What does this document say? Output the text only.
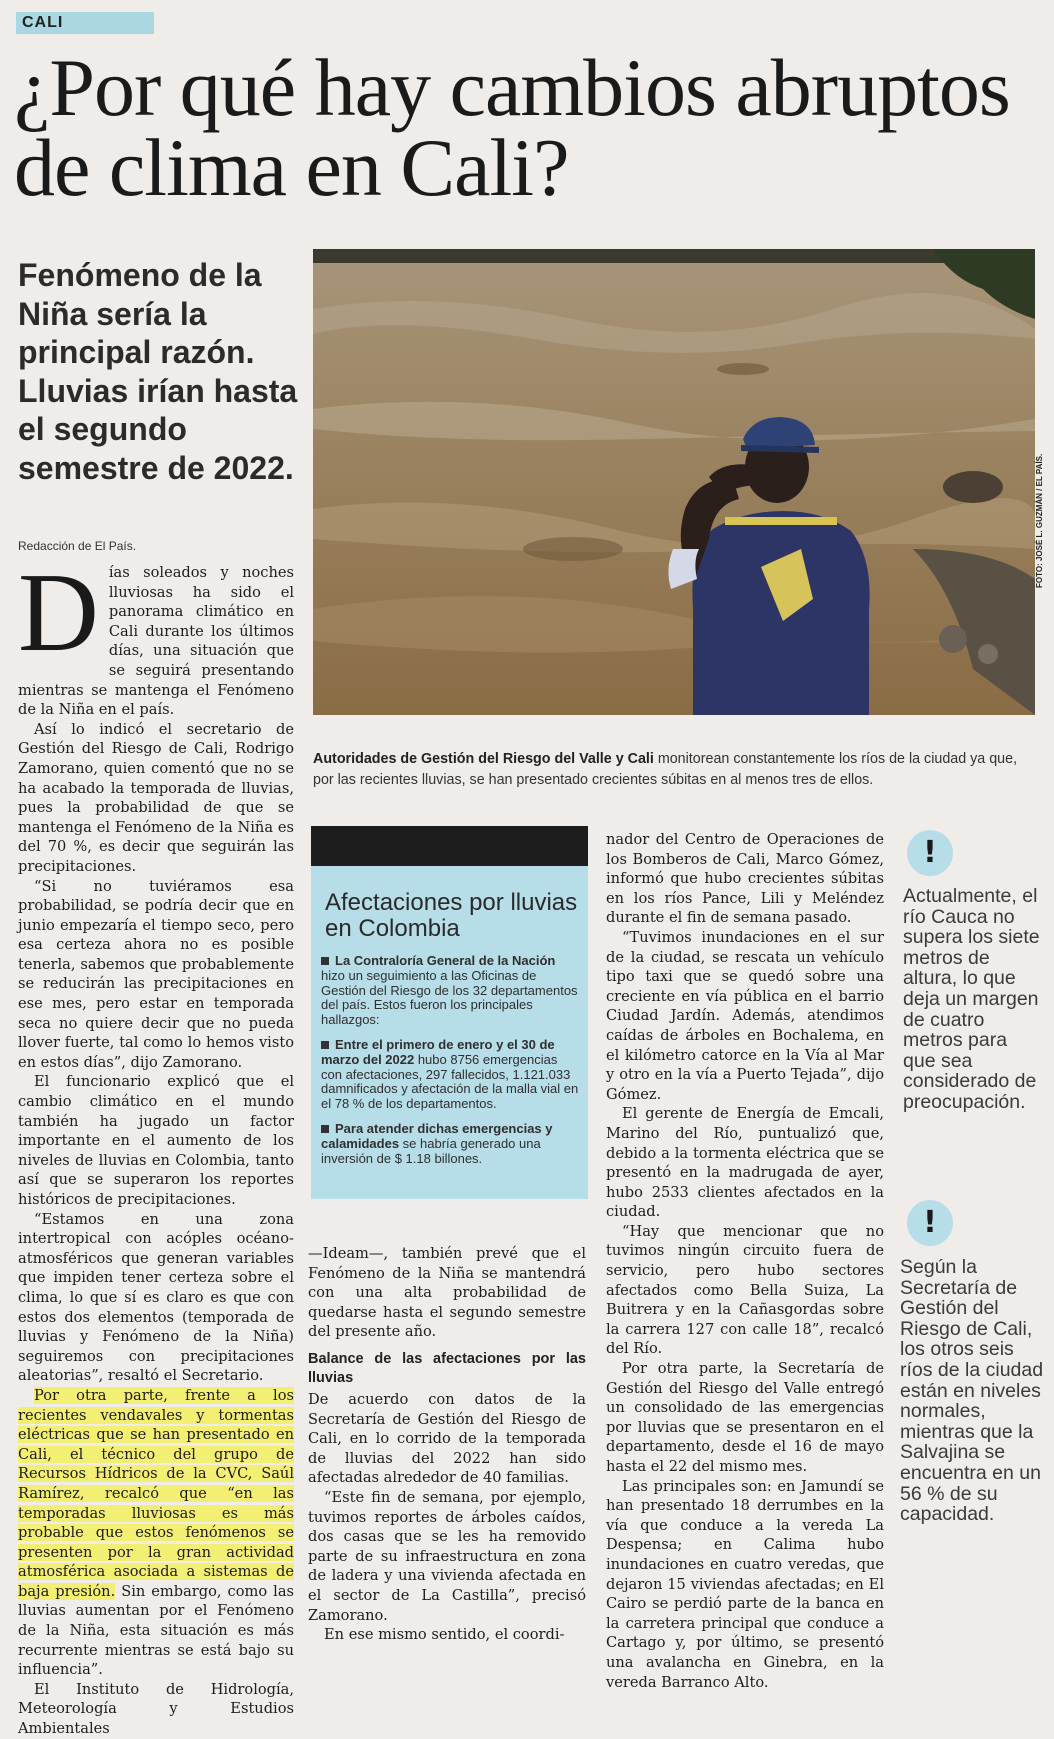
CALI
¿Por qué hay cambios abruptos de clima en Cali?
Fenómeno de la Niña sería la principal razón. Lluvias irían hasta el segundo semestre de 2022.
Redacción de El País.	FOTO: JOSÉ L. GUZMÁN / EL PAÍS.
Autoridades de Gestión del Riesgo del Valle y Cali monitorean constantemente los ríos de la ciudad ya que, por las recientes lluvias, se han presentado crecientes súbitas en al menos tres de ellos.
D ías soleados y noches lluviosas ha sido el panorama climático en Cali durante los últimos días, una situación que se seguirá presentando mientras se mantenga el Fenómeno de la Niña en el país.

Así lo indicó el secretario de Gestión del Riesgo de Cali, Rodrigo Zamorano, quien comentó que no se ha acabado la temporada de lluvias, pues la probabilidad de que se mantenga el Fenómeno de la Niña es del 70 %, es decir que seguirán las precipitaciones.

“Si no tuviéramos esa probabilidad, se podría decir que en junio empezaría el tiempo seco, pero esa certeza ahora no es posible tenerla, sabemos que probablemente se reducirán las precipitaciones en ese mes, pero estar en temporada seca no quiere decir que no pueda llover fuerte, tal como lo hemos visto en estos días”, dijo Zamorano.

El funcionario explicó que el cambio climático en el mundo también ha jugado un factor importante en el aumento de los niveles de lluvias en Colombia, tanto así que se superaron los reportes históricos de precipitaciones.

“Estamos en una zona intertropical con acóples océano-atmosféricos que generan variables que impiden tener certeza sobre el clima, lo que sí es claro es que con estos dos elementos (temporada de lluvias y Fenómeno de la Niña) seguiremos con precipitaciones aleatorias”, resaltó el Secretario.

Por otra parte, frente a los recientes vendavales y tormentas eléctricas que se han presentado en Cali, el técnico del grupo de Recursos Hídricos de la CVC, Saúl Ramírez, recalcó que “en las temporadas lluviosas es más probable que estos fenómenos se presenten por la gran actividad atmosférica asociada a sistemas de baja presión. Sin embargo, como las lluvias aumentan por el Fenómeno de la Niña, esta situación es más recurrente mientras se está bajo su influencia”.

El Instituto de Hidrología, Meteorología y Estudios Ambientales

Afectaciones por lluvias en Colombia

La Contraloría General de la Nación hizo un seguimiento a las Oficinas de Gestión del Riesgo de los 32 departamentos del país. Estos fueron los principales hallazgos:

Entre el primero de enero y el 30 de marzo del 2022 hubo 8756 emergencias con afectaciones, 297 fallecidos, 1.121.033 damnificados y afectación de la malla vial en el 78 % de los departamentos.

Para atender dichas emergencias y calamidades se habría generado una inversión de $ 1.18 billones.

—Ideam—, también prevé que el Fenómeno de la Niña se mantendrá con una alta probabilidad de quedarse hasta el segundo semestre del presente año.

Balance de las afectaciones por las lluvias

De acuerdo con datos de la Secretaría de Gestión del Riesgo de Cali, en lo corrido de la temporada de lluvias del 2022 han sido afectadas alrededor de 40 familias.

“Este fin de semana, por ejemplo, tuvimos reportes de árboles caídos, dos casas que se les ha removido parte de su infraestructura en zona de ladera y una vivienda afectada en el sector de La Castilla”, precisó Zamorano.

En ese mismo sentido, el coordi-

nador del Centro de Operaciones de los Bomberos de Cali, Marco Gómez, informó que hubo crecientes súbitas en los ríos Pance, Lili y Meléndez durante el fin de semana pasado.

“Tuvimos inundaciones en el sur de la ciudad, se rescata un vehículo tipo taxi que se quedó sobre una creciente en vía pública en el barrio Ciudad Jardín. Además, atendimos caídas de árboles en Bochalema, en el kilómetro catorce en la Vía al Mar y otro en la vía a Puerto Tejada”, dijo Gómez.

El gerente de Energía de Emcali, Marino del Río, puntualizó que, debido a la tormenta eléctrica que se presentó en la madrugada de ayer, hubo 2533 clientes afectados en la ciudad.

“Hay que mencionar que no tuvimos ningún circuito fuera de servicio, pero hubo sectores afectados como Bella Suiza, La Buitrera y en la Cañasgordas sobre la carrera 127 con calle 18”, recalcó del Río.

Por otra parte, la Secretaría de Gestión del Riesgo del Valle entregó un consolidado de las emergencias por lluvias que se presentaron en el departamento, desde el 16 de mayo hasta el 22 del mismo mes.

Las principales son: en Jamundí se han presentado 18 derrumbes en la vía que conduce a la vereda La Despensa; en Calima hubo inundaciones en cuatro veredas, que dejaron 15 viviendas afectadas; en El Cairo se perdió parte de la banca en la carretera principal que conduce a Cartago y, por último, se presentó una avalancha en Ginebra, en la vereda Barranco Alto.

!
Actualmente, el río Cauca no supera los siete metros de altura, lo que deja un margen de cuatro metros para que sea considerado de preocupación.
!
Según la Secretaría de Gestión del Riesgo de Cali, los otros seis ríos de la ciudad están en niveles normales, mientras que la Salvajina se encuentra en un 56 % de su capacidad.
